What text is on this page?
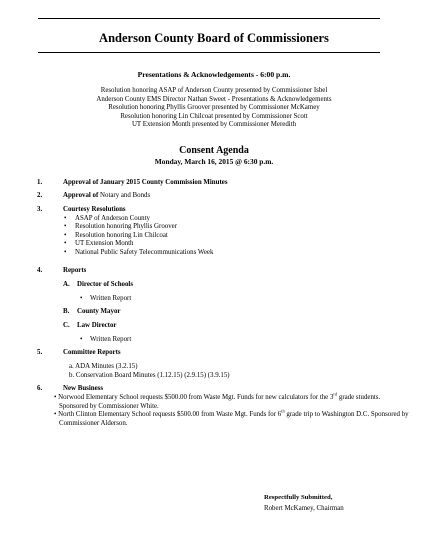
Anderson County Board of Commissioners
Presentations & Acknowledgements - 6:00 p.m.
Resolution honoring ASAP of Anderson County presented by Commissioner Isbel
Anderson County EMS Director Nathan Sweet - Presentations & Acknowledgements
Resolution honoring Phyllis Groover presented by Commissioner McKamey
Resolution honoring Lin Chilcoat presented by Commissioner Scott
UT Extension Month presented by Commissioner Meredith
Consent Agenda
Monday, March 16, 2015 @ 6:30 p.m.
1.	Approval of January 2015 County Commission Minutes
2.	Approval of Notary and Bonds
3.	Courtesy Resolutions
• ASAP of Anderson County
• Resolution honoring Phyllis Groover
• Resolution honoring Lin Chilcoat
• UT Extension Month
• National Public Safety Telecommunications Week
4.	Reports
A. Director of Schools
• Written Report
B. County Mayor
C. Law Director
• Written Report
5.	Committee Reports
a. ADA Minutes (3.2.15)
b. Conservation Board Minutes (1.12.15) (2.9.15) (3.9.15)
6.	New Business
• Norwood Elementary School requests $500.00 from Waste Mgt. Funds for new calculators for the 3rd grade students. Sponsored by Commissioner White.
• North Clinton Elementary School requests $500.00 from Waste Mgt. Funds for 6th grade trip to Washington D.C. Sponsored by Commissioner Alderson.
Respectfully Submitted,
Robert McKamey, Chairman
